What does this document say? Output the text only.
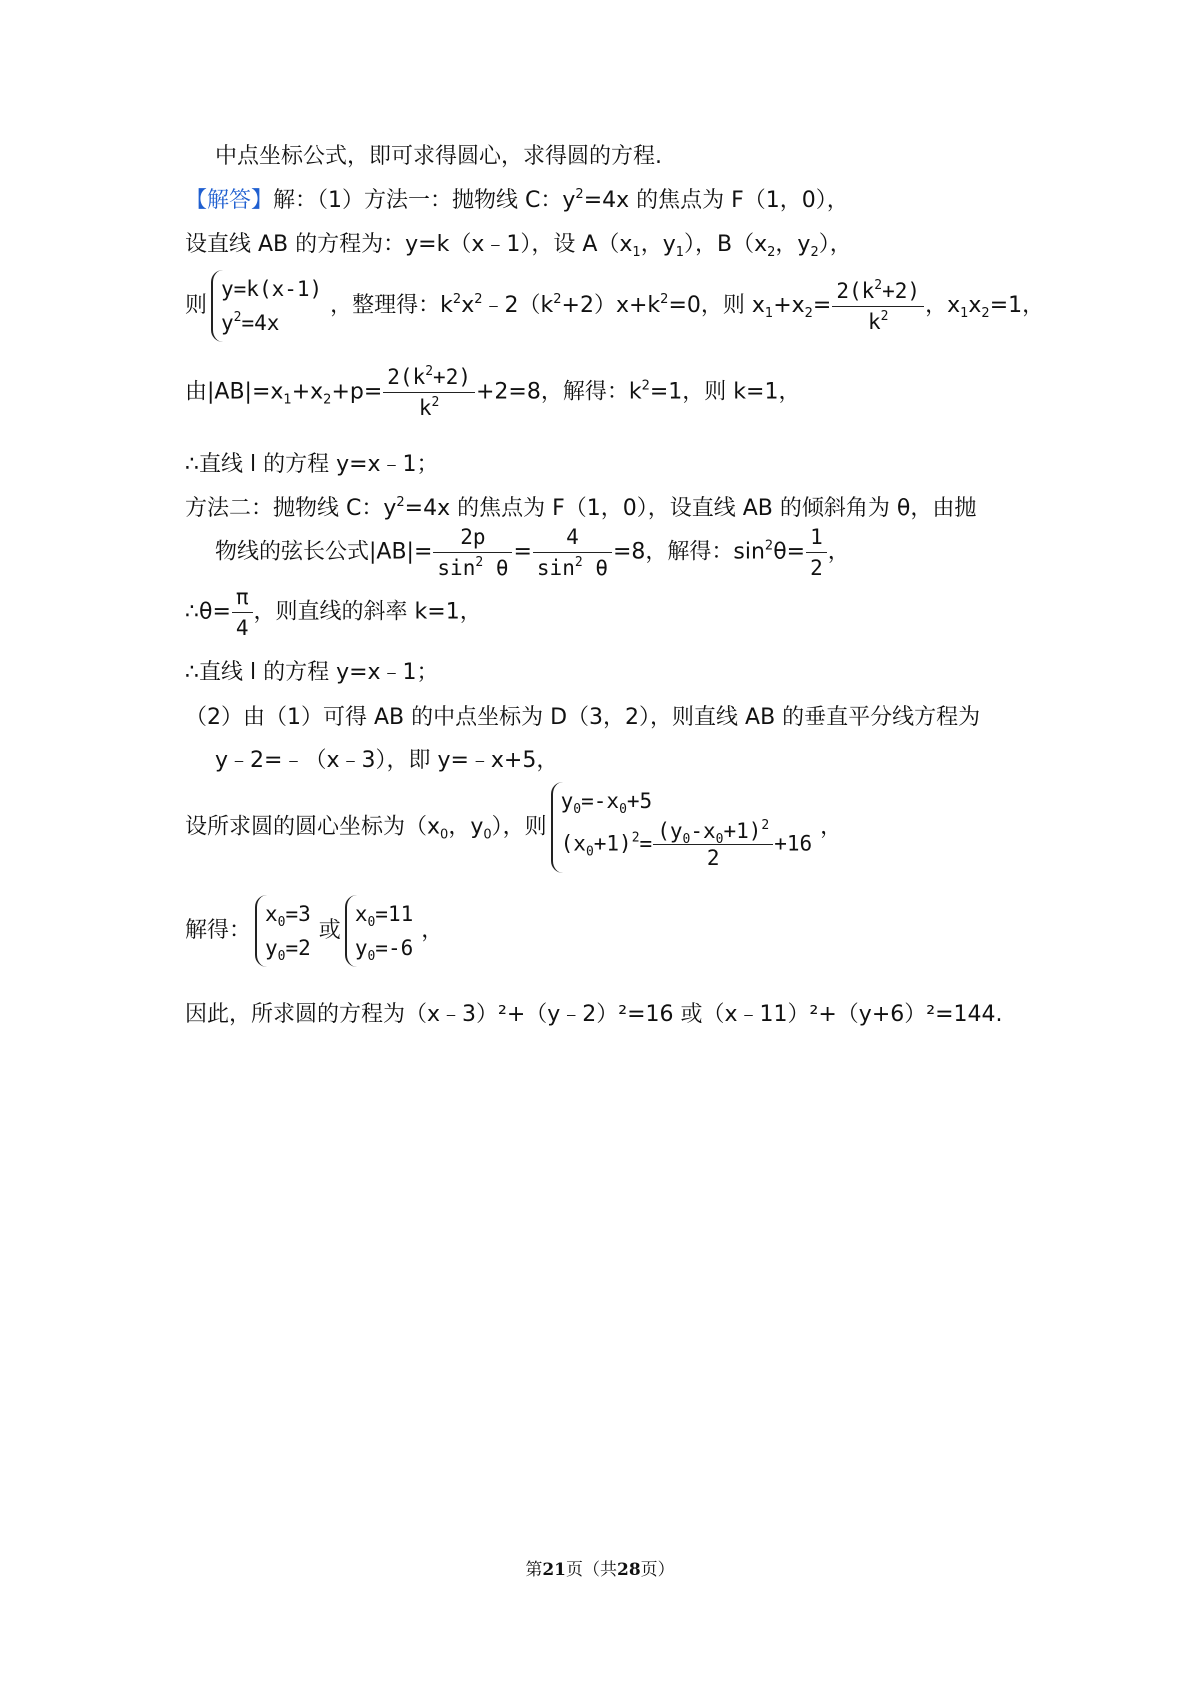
中点坐标公式，即可求得圆心，求得圆的方程.
【解答】解：（1）方法一：抛物线 C：$y^2=4x$ 的焦点为 F（1，0），
设直线 AB 的方程为：y=k（x﹣1），设 $A(x_1$，$y_1$），$B(x_2$，$y_2$），
则
y=k(x-1)
$y^2=4x$
，整理得：$k^2x^2﹣2(k^2+2)x+k^2=0$，则 $x_1+x_2= \frac{2(k^2+2)}{k^2}$ ，$x_1x_2=1$，
由$|AB|=x_1+x_2+p= \frac{2(k^2+2)}{k^2} +2=8$，解得：$k^2=1$，则 k=1，
∴直线 l 的方程 y=x﹣1；
方法二：抛物线 C：$y^2=4x$ 的焦点为 F（1，0），设直线 AB 的倾斜角为 θ，由抛
物线的弦长公式$|AB|= \frac{2p}{\sin^2 \theta} = \frac{4}{\sin^2 \theta} =8$，解得：$\sin^2\theta= \frac{1}{2}$ ，
∴θ= $\frac{\pi}{4}$ ，则直线的斜率 k=1，
∴直线 l 的方程 y=x﹣1；
（2）由（1）可得 AB 的中点坐标为 D（3，2），则直线 AB 的垂直平分线方程为
y﹣2=﹣（x﹣3），即 y=﹣x+5，
设所求圆的圆心坐标为（$x_0$，$y_0$），则
$y_0=-x_0+5$
$(x_0+1)^2= \frac{(y_0-x_0+1)^2}{2} +16$
，
解得：
$x_0=3$
$y_0=2$
或
$x_0=11$
$y_0=-6$
，
因此，所求圆的方程为（x﹣3）²+（y﹣2）²=16 或（x﹣11）²+（y+6）²=144.
第21页（共28页）
